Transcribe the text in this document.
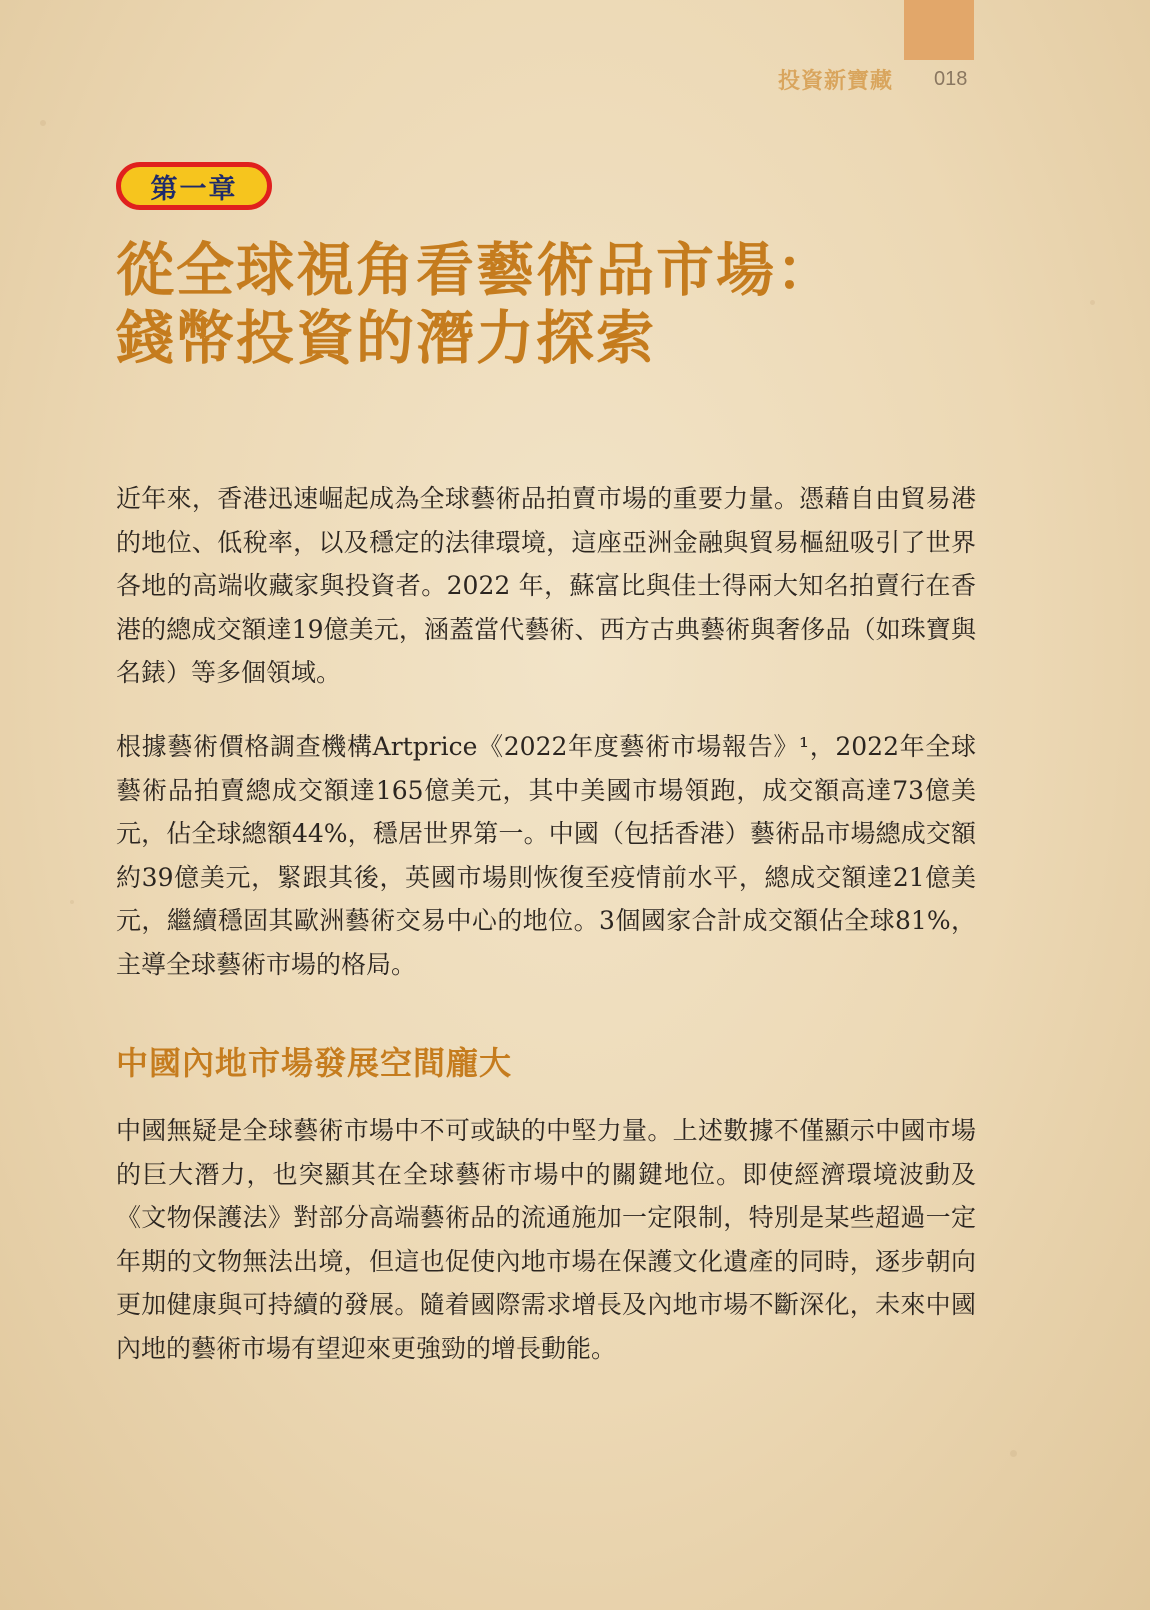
投資新寶藏 018
第一章
從全球視角看藝術品市場：
錢幣投資的潛力探索

近年來，香港迅速崛起成為全球藝術品拍賣市場的重要力量。憑藉自由貿易港的地位、低稅率，以及穩定的法律環境，這座亞洲金融與貿易樞紐吸引了世界各地的高端收藏家與投資者。2022 年，蘇富比與佳士得兩大知名拍賣行在香港的總成交額達19億美元，涵蓋當代藝術、西方古典藝術與奢侈品（如珠寶與名錶）等多個領域。

根據藝術價格調查機構Artprice《2022年度藝術市場報告》¹，2022年全球藝術品拍賣總成交額達165億美元，其中美國市場領跑，成交額高達73億美元，佔全球總額44%，穩居世界第一。中國（包括香港）藝術品市場總成交額約39億美元，緊跟其後，英國市場則恢復至疫情前水平，總成交額達21億美元，繼續穩固其歐洲藝術交易中心的地位。3個國家合計成交額佔全球81%，主導全球藝術市場的格局。

中國內地市場發展空間龐大

中國無疑是全球藝術市場中不可或缺的中堅力量。上述數據不僅顯示中國市場的巨大潛力，也突顯其在全球藝術市場中的關鍵地位。即使經濟環境波動及《文物保護法》對部分高端藝術品的流通施加一定限制，特別是某些超過一定年期的文物無法出境，但這也促使內地市場在保護文化遺產的同時，逐步朝向更加健康與可持續的發展。隨着國際需求增長及內地市場不斷深化，未來中國內地的藝術市場有望迎來更強勁的增長動能。
